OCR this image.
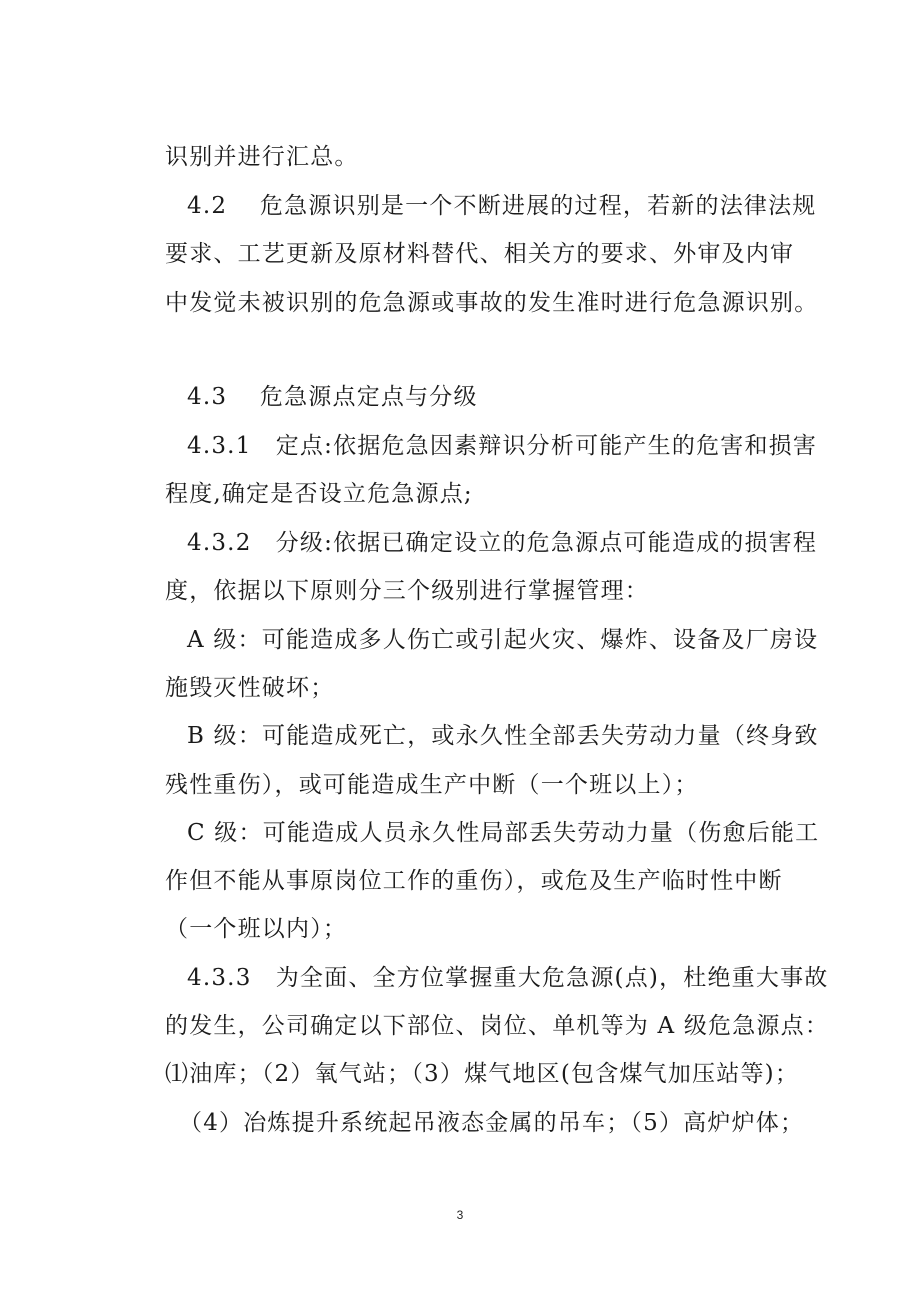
识别并进行汇总。
4.2　 危急源识别是一个不断进展的过程，若新的法律法规
要求、工艺更新及原材料替代、相关方的要求、外审及内审
中发觉未被识别的危急源或事故的发生准时进行危急源识别。
4.3　 危急源点定点与分级
4.3.1　定点:依据危急因素辩识分析可能产生的危害和损害
程度,确定是否设立危急源点;
4.3.2　分级:依据已确定设立的危急源点可能造成的损害程
度，依据以下原则分三个级别进行掌握管理：
A 级：可能造成多人伤亡或引起火灾、爆炸、设备及厂房设
施毁灭性破坏；
B 级：可能造成死亡，或永久性全部丢失劳动力量（终身致
残性重伤），或可能造成生产中断（一个班以上）；
C 级：可能造成人员永久性局部丢失劳动力量（伤愈后能工
作但不能从事原岗位工作的重伤），或危及生产临时性中断
（一个班以内）；
4.3.3　为全面、全方位掌握重大危急源(点)，杜绝重大事故
的发生，公司确定以下部位、岗位、单机等为 A 级危急源点：
⑴油库；（2）氧气站；（3）煤气地区(包含煤气加压站等)；
（4）冶炼提升系统起吊液态金属的吊车；（5）高炉炉体；
3
